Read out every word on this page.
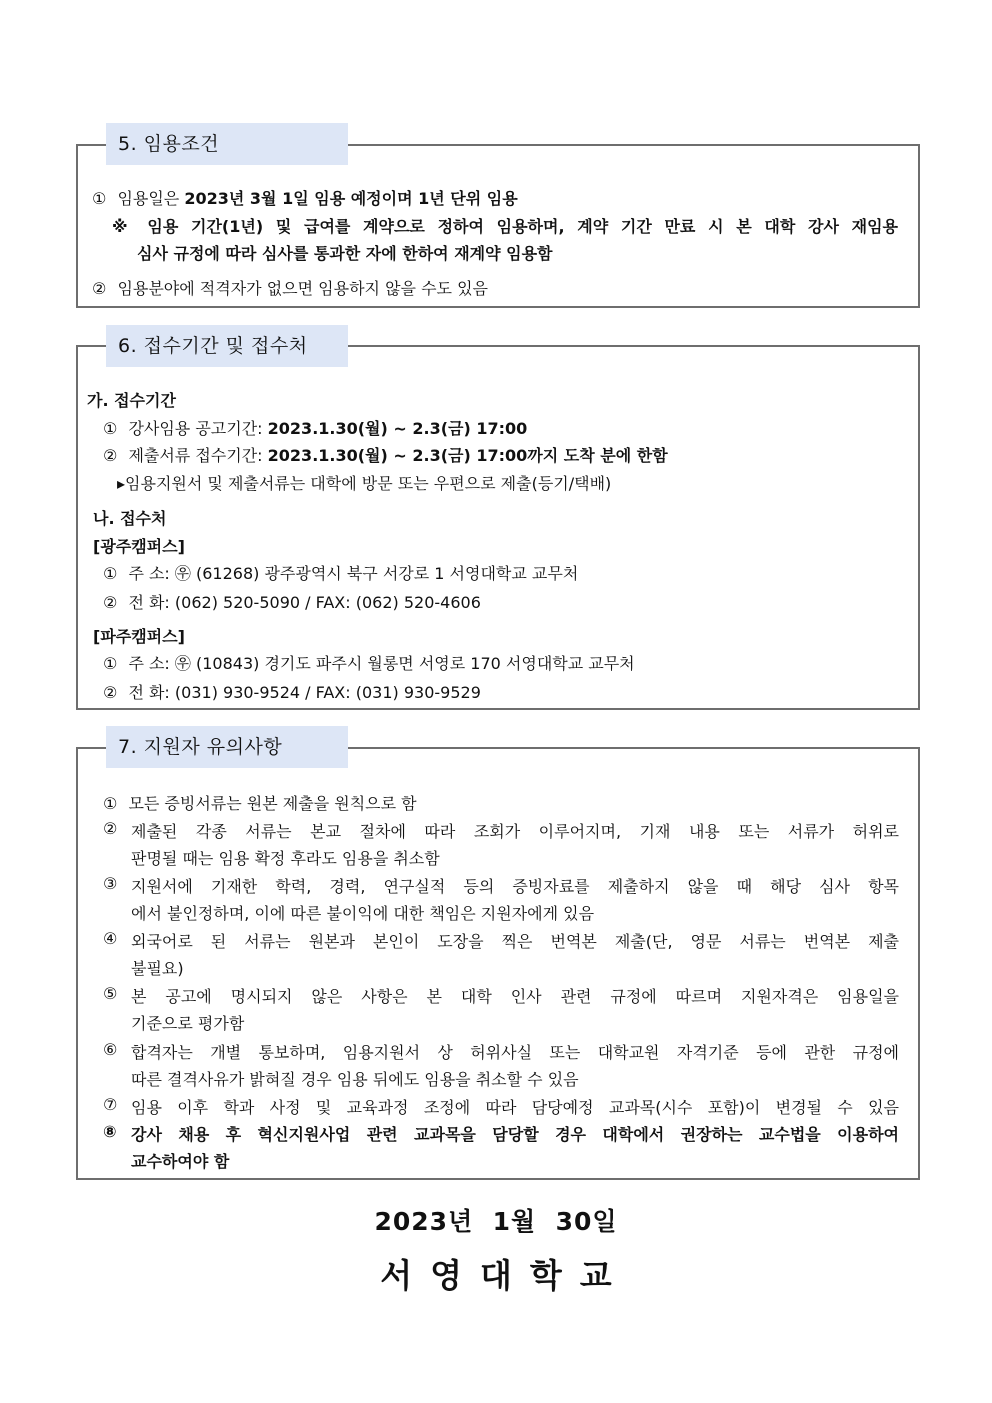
5. 임용조건
① 임용일은 2023년 3월 1일 임용 예정이며 1년 단위 임용
※ 임용 기간(1년) 및 급여를 계약으로 정하여 임용하며, 계약 기간 만료 시 본 대학 강사 재임용
심사 규정에 따라 심사를 통과한 자에 한하여 재계약 임용함
② 임용분야에 적격자가 없으면 임용하지 않을 수도 있음
6. 접수기간 및 접수처
가. 접수기간
① 강사임용 공고기간: 2023.1.30(월) ~ 2.3(금) 17:00
② 제출서류 접수기간: 2023.1.30(월) ~ 2.3(금) 17:00까지 도착 분에 한함
▸임용지원서 및 제출서류는 대학에 방문 또는 우편으로 제출(등기/택배)
나. 접수처
[광주캠퍼스]
① 주 소: ㉾ (61268) 광주광역시 북구 서강로 1 서영대학교 교무처
② 전 화: (062) 520-5090 / FAX: (062) 520-4606
[파주캠퍼스]
① 주 소: ㉾ (10843) 경기도 파주시 월롱면 서영로 170 서영대학교 교무처
② 전 화: (031) 930-9524 / FAX: (031) 930-9529
7. 지원자 유의사항
① 모든 증빙서류는 원본 제출을 원칙으로 함
② 제출된 각종 서류는 본교 절차에 따라 조회가 이루어지며, 기재 내용 또는 서류가 허위로
판명될 때는 임용 확정 후라도 임용을 취소함
③ 지원서에 기재한 학력, 경력, 연구실적 등의 증빙자료를 제출하지 않을 때 해당 심사 항목
에서 불인정하며, 이에 따른 불이익에 대한 책임은 지원자에게 있음
④ 외국어로 된 서류는 원본과 본인이 도장을 찍은 번역본 제출(단, 영문 서류는 번역본 제출
불필요)
⑤ 본 공고에 명시되지 않은 사항은 본 대학 인사 관련 규정에 따르며 지원자격은 임용일을
기준으로 평가함
⑥ 합격자는 개별 통보하며, 임용지원서 상 허위사실 또는 대학교원 자격기준 등에 관한 규정에
따른 결격사유가 밝혀질 경우 임용 뒤에도 임용을 취소할 수 있음
⑦ 임용 이후 학과 사정 및 교육과정 조정에 따라 담당예정 교과목(시수 포함)이 변경될 수 있음
⑧ 강사 채용 후 혁신지원사업 관련 교과목을 담당할 경우 대학에서 권장하는 교수법을 이용하여
교수하여야 함
2023년  1월  30일
서영대학교
